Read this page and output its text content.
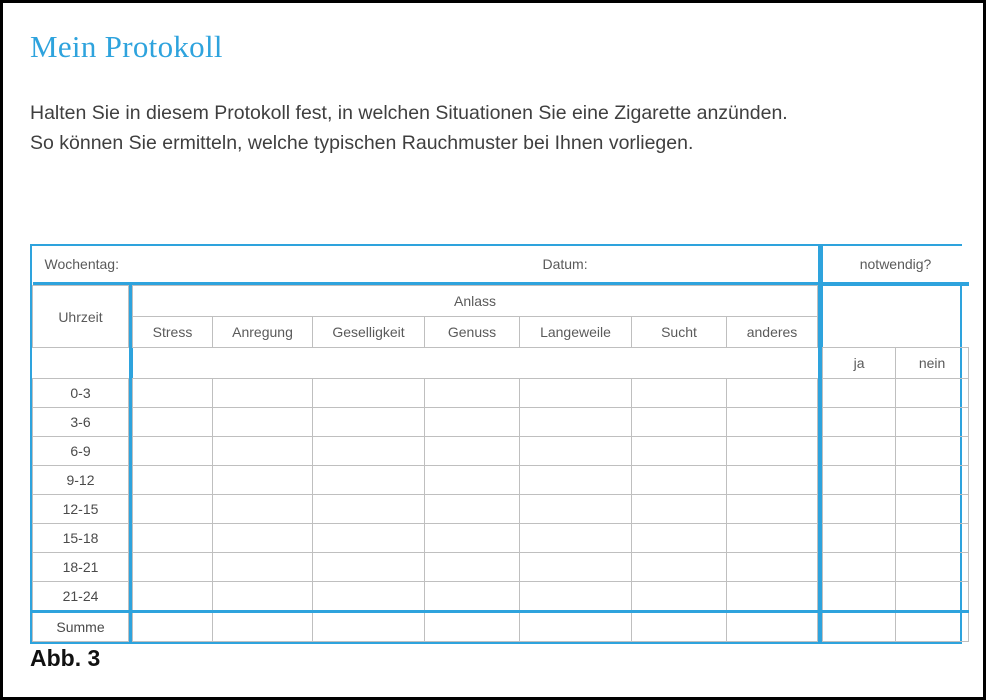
Mein Protokoll
Halten Sie in diesem Protokoll fest, in welchen Situationen Sie eine Zigarette anzünden.
So können Sie ermitteln, welche typischen Rauchmuster bei Ihnen vorliegen.
Wochentag:				Datum:						notwendig?	

Uhrzeit		Anlass									
		Stress	Anregung	Geselligkeit	Genuss	Langeweile	Sucht	anderes			
										ja	nein
0-3											
3-6											
6-9											
9-12											
12-15											
15-18											
18-21											
21-24											
Summe											
Abb. 3
